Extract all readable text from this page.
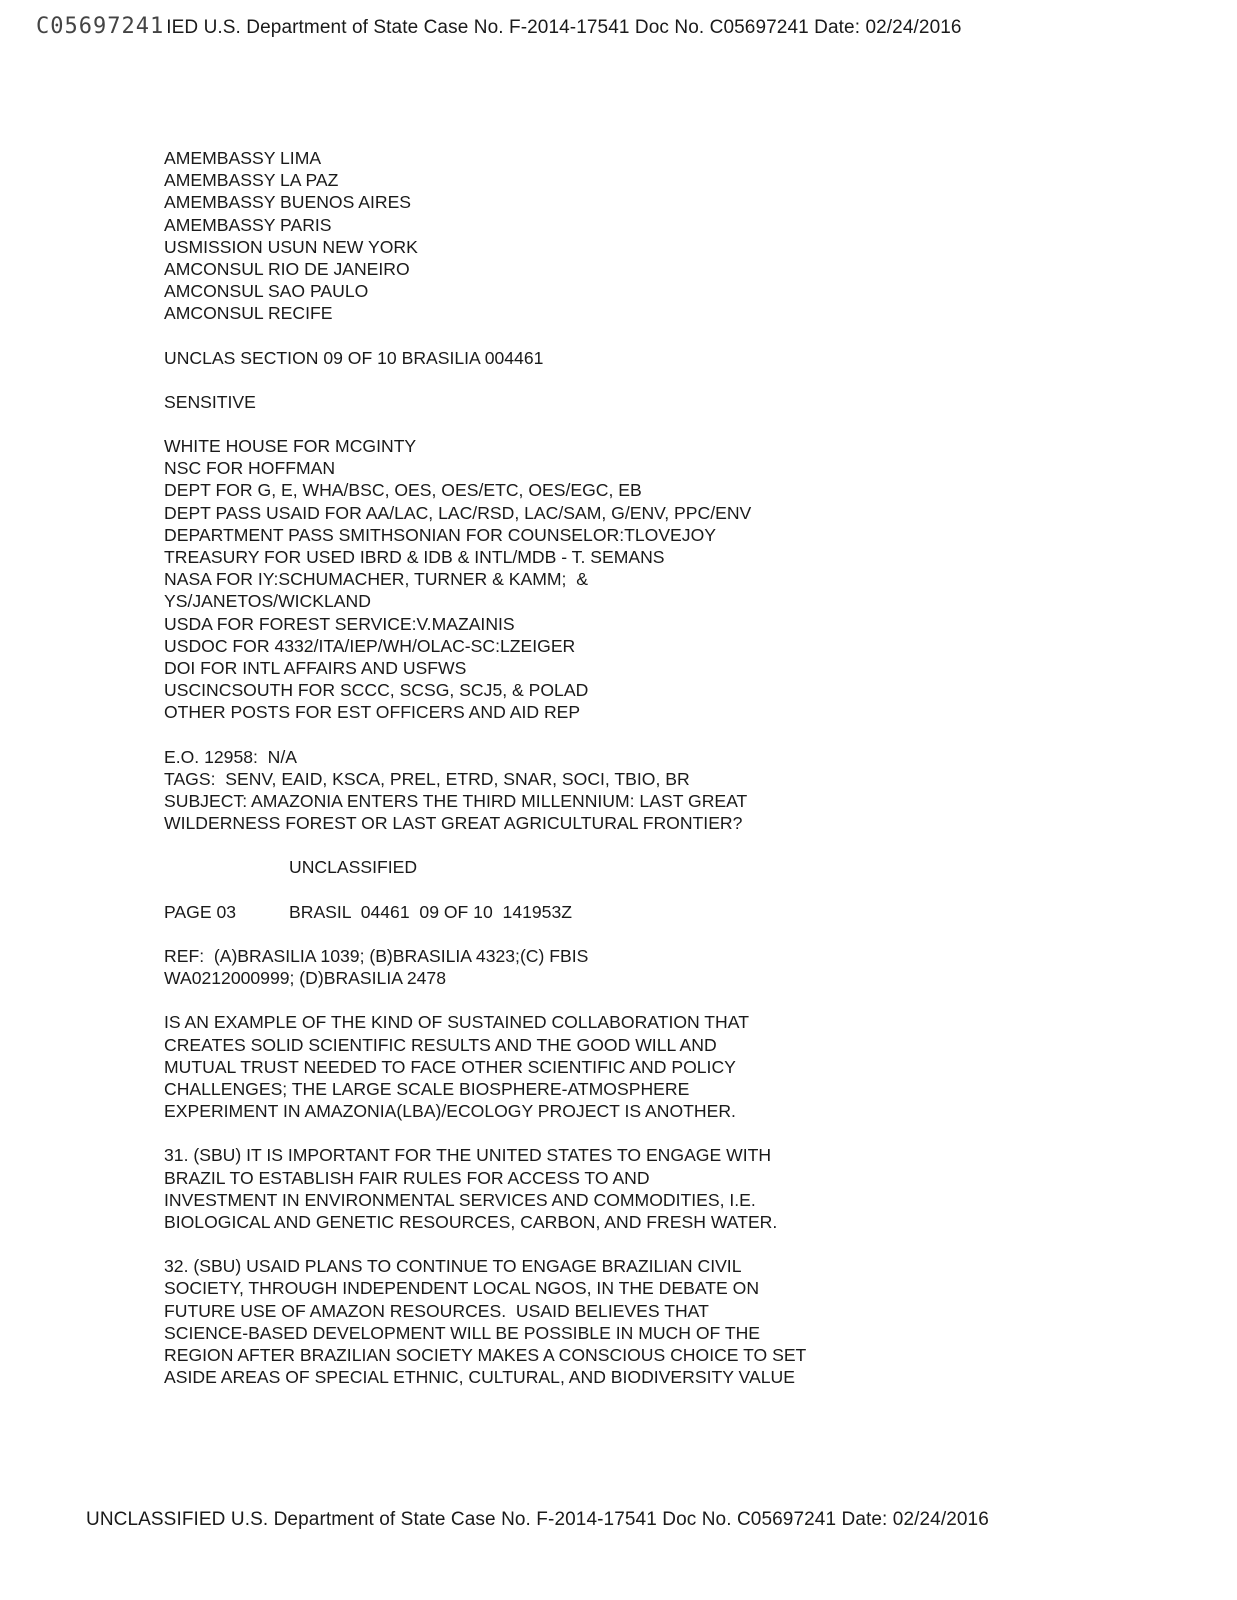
C05697241 IED U.S. Department of State Case No. F-2014-17541 Doc No. C05697241 Date: 02/24/2016
AMEMBASSY LIMA
AMEMBASSY LA PAZ
AMEMBASSY BUENOS AIRES
AMEMBASSY PARIS
USMISSION USUN NEW YORK
AMCONSUL RIO DE JANEIRO
AMCONSUL SAO PAULO
AMCONSUL RECIFE
UNCLAS SECTION 09 OF 10 BRASILIA 004461
SENSITIVE
WHITE HOUSE FOR MCGINTY
NSC FOR HOFFMAN
DEPT FOR G, E, WHA/BSC, OES, OES/ETC, OES/EGC, EB
DEPT PASS USAID FOR AA/LAC, LAC/RSD, LAC/SAM, G/ENV, PPC/ENV
DEPARTMENT PASS SMITHSONIAN FOR COUNSELOR:TLOVEJOY
TREASURY FOR USED IBRD & IDB & INTL/MDB - T. SEMANS
NASA FOR IY:SCHUMACHER, TURNER & KAMM;  &
YS/JANETOS/WICKLAND
USDA FOR FOREST SERVICE:V.MAZAINIS
USDOC FOR 4332/ITA/IEP/WH/OLAC-SC:LZEIGER
DOI FOR INTL AFFAIRS AND USFWS
USCINCSOUTH FOR SCCC, SCSG, SCJ5, & POLAD
OTHER POSTS FOR EST OFFICERS AND AID REP
E.O. 12958:  N/A
TAGS:  SENV, EAID, KSCA, PREL, ETRD, SNAR, SOCI, TBIO, BR
SUBJECT: AMAZONIA ENTERS THE THIRD MILLENNIUM: LAST GREAT
WILDERNESS FOREST OR LAST GREAT AGRICULTURAL FRONTIER?
UNCLASSIFIED
PAGE 03	BRASIL  04461  09 OF 10  141953Z
REF:  (A)BRASILIA 1039; (B)BRASILIA 4323;(C) FBIS
WA0212000999; (D)BRASILIA 2478
IS AN EXAMPLE OF THE KIND OF SUSTAINED COLLABORATION THAT
CREATES SOLID SCIENTIFIC RESULTS AND THE GOOD WILL AND
MUTUAL TRUST NEEDED TO FACE OTHER SCIENTIFIC AND POLICY
CHALLENGES; THE LARGE SCALE BIOSPHERE-ATMOSPHERE
EXPERIMENT IN AMAZONIA(LBA)/ECOLOGY PROJECT IS ANOTHER.
31. (SBU) IT IS IMPORTANT FOR THE UNITED STATES TO ENGAGE WITH
BRAZIL TO ESTABLISH FAIR RULES FOR ACCESS TO AND
INVESTMENT IN ENVIRONMENTAL SERVICES AND COMMODITIES, I.E.
BIOLOGICAL AND GENETIC RESOURCES, CARBON, AND FRESH WATER.
32. (SBU) USAID PLANS TO CONTINUE TO ENGAGE BRAZILIAN CIVIL
SOCIETY, THROUGH INDEPENDENT LOCAL NGOS, IN THE DEBATE ON
FUTURE USE OF AMAZON RESOURCES.  USAID BELIEVES THAT
SCIENCE-BASED DEVELOPMENT WILL BE POSSIBLE IN MUCH OF THE
REGION AFTER BRAZILIAN SOCIETY MAKES A CONSCIOUS CHOICE TO SET
ASIDE AREAS OF SPECIAL ETHNIC, CULTURAL, AND BIODIVERSITY VALUE
UNCLASSIFIED U.S. Department of State Case No. F-2014-17541 Doc No. C05697241 Date: 02/24/2016
